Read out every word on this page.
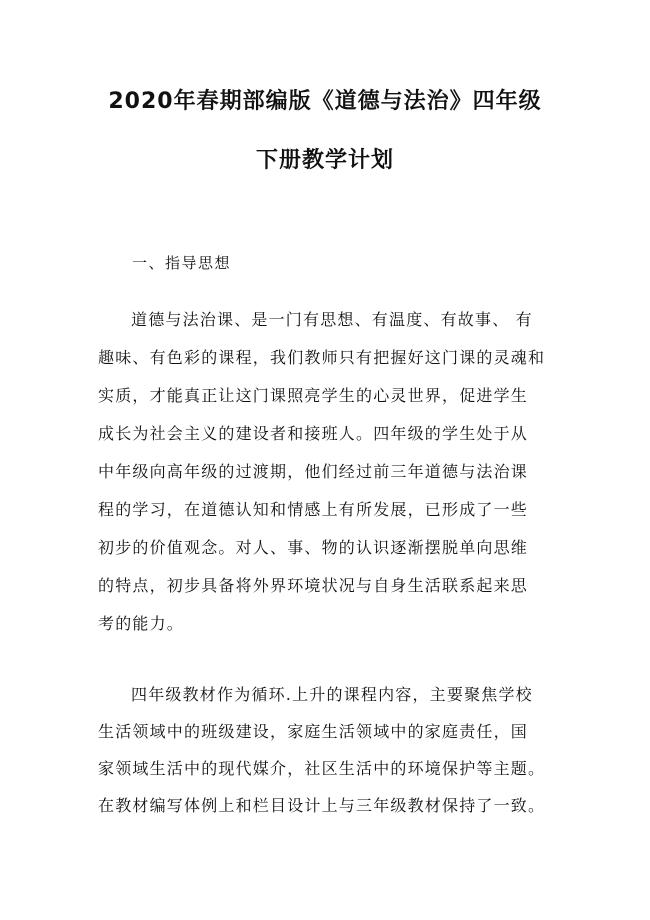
2020年春期部编版《道德与法治》四年级
下册教学计划
一、指导思想
道德与法治课、是一门有思想、有温度、有故事、 有
趣味、有色彩的课程，我们教师只有把握好这门课的灵魂和
实质，才能真正让这门课照亮学生的心灵世界，促进学生
成长为社会主义的建设者和接班人。四年级的学生处于从
中年级向高年级的过渡期，他们经过前三年道德与法治课
程的学习，在道德认知和情感上有所发展，已形成了一些
初步的价值观念。对人、事、物的认识逐渐摆脱单向思维
的特点，初步具备将外界环境状况与自身生活联系起来思
考的能力。
四年级教材作为循环.上升的课程内容，主要聚焦学校
生活领域中的班级建设，家庭生活领域中的家庭责任，国
家领域生活中的现代媒介，社区生活中的环境保护等主题。
在教材编写体例上和栏目设计上与三年级教材保持了一致。
